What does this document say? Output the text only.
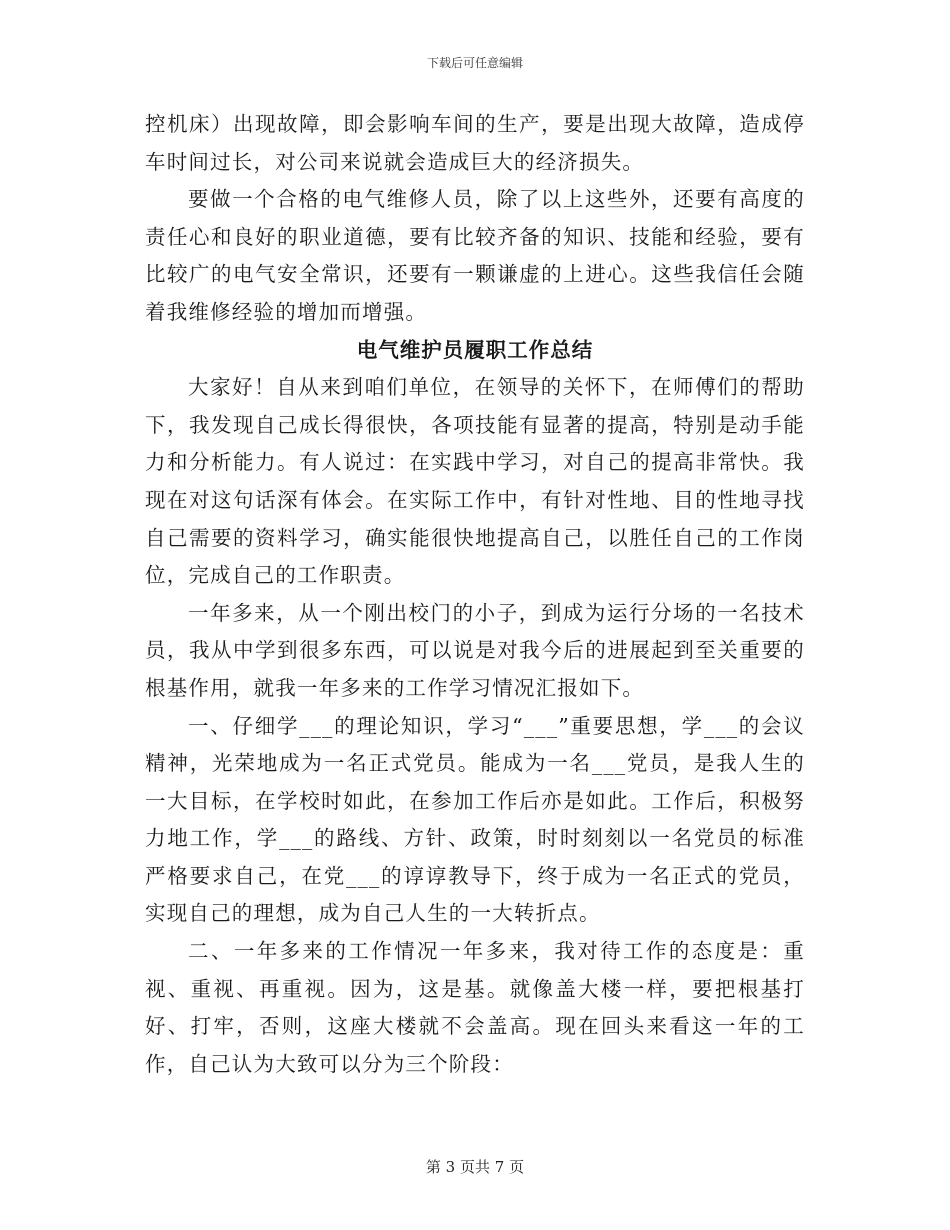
下载后可任意编辑

控机床）出现故障，即会影响车间的生产，要是出现大故障，造成停车时间过长，对公司来说就会造成巨大的经济损失。

要做一个合格的电气维修人员，除了以上这些外，还要有高度的责任心和良好的职业道德，要有比较齐备的知识、技能和经验，要有比较广的电气安全常识，还要有一颗谦虚的上进心。这些我信任会随着我维修经验的增加而增强。

电气维护员履职工作总结

大家好！自从来到咱们单位，在领导的关怀下，在师傅们的帮助下，我发现自己成长得很快，各项技能有显著的提高，特别是动手能力和分析能力。有人说过：在实践中学习，对自己的提高非常快。我现在对这句话深有体会。在实际工作中，有针对性地、目的性地寻找自己需要的资料学习，确实能很快地提高自己，以胜任自己的工作岗位，完成自己的工作职责。

一年多来，从一个刚出校门的小子，到成为运行分场的一名技术员，我从中学到很多东西，可以说是对我今后的进展起到至关重要的根基作用，就我一年多来的工作学习情况汇报如下。

一、仔细学___的理论知识，学习“___”重要思想，学___的会议精神，光荣地成为一名正式党员。能成为一名___党员，是我人生的一大目标，在学校时如此，在参加工作后亦是如此。工作后，积极努力地工作，学___的路线、方针、政策，时时刻刻以一名党员的标准严格要求自己，在党___的谆谆教导下，终于成为一名正式的党员，实现自己的理想，成为自己人生的一大转折点。

二、一年多来的工作情况一年多来，我对待工作的态度是：重视、重视、再重视。因为，这是基。就像盖大楼一样，要把根基打好、打牢，否则，这座大楼就不会盖高。现在回头来看这一年的工作，自己认为大致可以分为三个阶段：

第 3 页共 7 页
